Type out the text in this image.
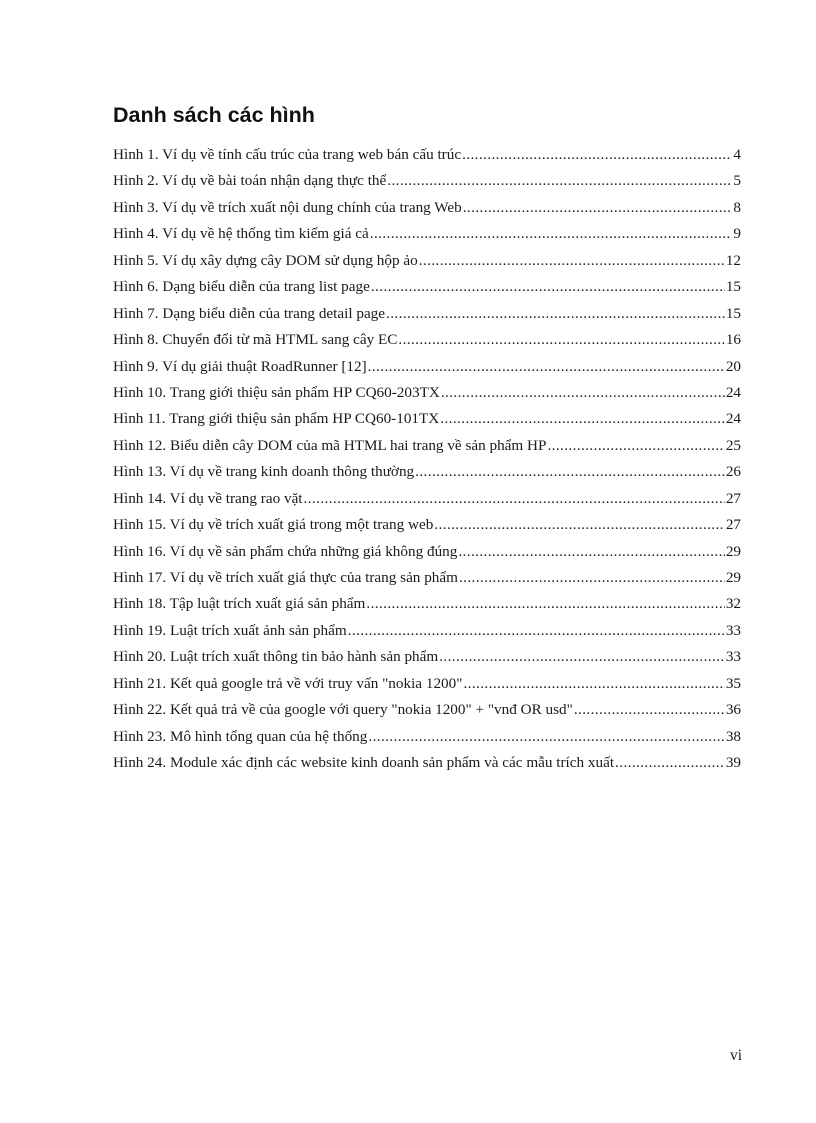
Danh sách các hình
Hình 1. Ví dụ về tính cấu trúc của trang web bán cấu trúc .....	4
Hình 2. Ví dụ về bài toán nhận dạng thực thể .....	5
Hình 3. Ví dụ về trích xuất nội dung chính của trang Web .....	8
Hình 4. Ví dụ về hệ thống tìm kiếm giá cả .....	9
Hình 5. Ví dụ xây dựng cây DOM sử dụng hộp ảo .....	12
Hình 6. Dạng biểu diễn của trang list page .....	15
Hình 7. Dạng biểu diễn của trang detail page .....	15
Hình 8. Chuyển đổi từ mã HTML sang cây EC .....	16
Hình 9. Ví dụ giải thuật RoadRunner [12] .....	20
Hình 10. Trang giới thiệu sản phẩm HP CQ60-203TX .....	24
Hình 11. Trang giới thiệu sản phẩm HP CQ60-101TX .....	24
Hình 12. Biểu diễn cây DOM của mã HTML hai trang về sản phẩm HP .....	25
Hình 13. Ví dụ về trang kinh doanh thông thường .....	26
Hình 14. Ví dụ về trang rao vặt .....	27
Hình 15. Ví dụ về trích xuất giá trong một trang web .....	27
Hình 16. Ví dụ về sản phẩm chứa những giá không đúng .....	29
Hình 17. Ví dụ về trích xuất giá thực của trang sản phẩm .....	29
Hình 18. Tập luật trích xuất giá sản phẩm .....	32
Hình 19. Luật trích xuất ảnh sản phẩm .....	33
Hình 20. Luật trích xuất thông tin bảo hành sản phẩm .....	33
Hình 21. Kết quả google trả về với truy vấn "nokia 1200" .....	35
Hình 22. Kết quả trả về của google với query "nokia 1200" + "vnđ OR usd" .....	36
Hình 23. Mô hình tổng quan của hệ thống .....	38
Hình 24. Module xác định các website kinh doanh sản phẩm và các mẫu trích xuất .....	39
vi
